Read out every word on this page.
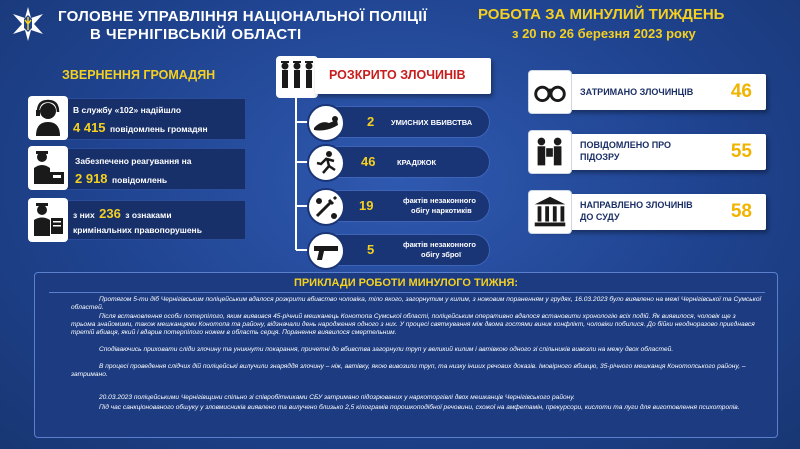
ГОЛОВНЕ УПРАВЛІННЯ НАЦІОНАЛЬНОЇ ПОЛІЦІЇ
В ЧЕРНІГІВСЬКІЙ ОБЛАСТІ
РОБОТА ЗА МИНУЛИЙ ТИЖДЕНЬ
з 20 по 26 березня 2023 року
ЗВЕРНЕННЯ ГРОМАДЯН
В службу «102» надійшло
4 415 повідомлень громадян
Забезпечено реагування на
2 918 повідомлень
з них 236 з ознаками
кримінальних правопорушень
РОЗКРИТО ЗЛОЧИНІВ
2 УМИСНИХ ВБИВСТВА
46	КРАДІЖОК
19	фактів незаконного
обігу наркотиків
5	фактів незаконного
обігу зброї
ЗАТРИМАНО ЗЛОЧИНЦІВ 46
ПОВІДОМЛЕНО ПРО
ПІДОЗРУ	55
НАПРАВЛЕНО ЗЛОЧИНІВ
ДО СУДУ	58
ПРИКЛАДИ РОБОТИ МИНУЛОГО ТИЖНЯ:
Протягом 5-ти діб Чернігівським поліцейським вдалося розкрити вбивство чоловіка, тіло якого, загорнутим у килим, з ножовим пораненням у грудях, 16.03.2023 було виявлено на межі Чернігівської та Сумської областей.
Після встановлення особи потерпілого, яким виявився 45-річний мешканець Конотопа Сумської області, поліцейським оперативно вдалося встановити хронологію всіх подій. Як виявилося, чоловік ще з трьома знайомими, також мешканцями Конотопа та району, відзначали день народження одного з них. У процесі святкування між двома гостями виник конфлікт, чоловіки побилися. До бійки неодноразово приєднався третій вбивця, який і вдарив потерпілого ножем в область серця. Поранення виявилося смертельним.
Сподіваючись приховати сліди злочину та уникнути покарання, причетні до вбивства загорнули труп у великий килим і автівкою одного зі спільників вивезли на межу двох областей.
В процесі проведення слідчих дій поліцейські вилучили знаряддя злочину – ніж, автівку, якою вивозили труп, та низку інших речових доказів. Імовірного вбивцю, 35-річного мешканця Конотопського району, – затримано.
20.03.2023 поліцейськими Чернігівщини спільно зі співробітниками СБУ затримано підозрюваних у наркоторгівлі двох мешканців Чернігівського району.
Під час санкціонованого обшуку у зловмисників виявлено та вилучено близько 2,5 кілограмів порошкоподібної речовини, схожої на амфетамін, прекурсори, кислоти та луги для виготовлення психотропів.
